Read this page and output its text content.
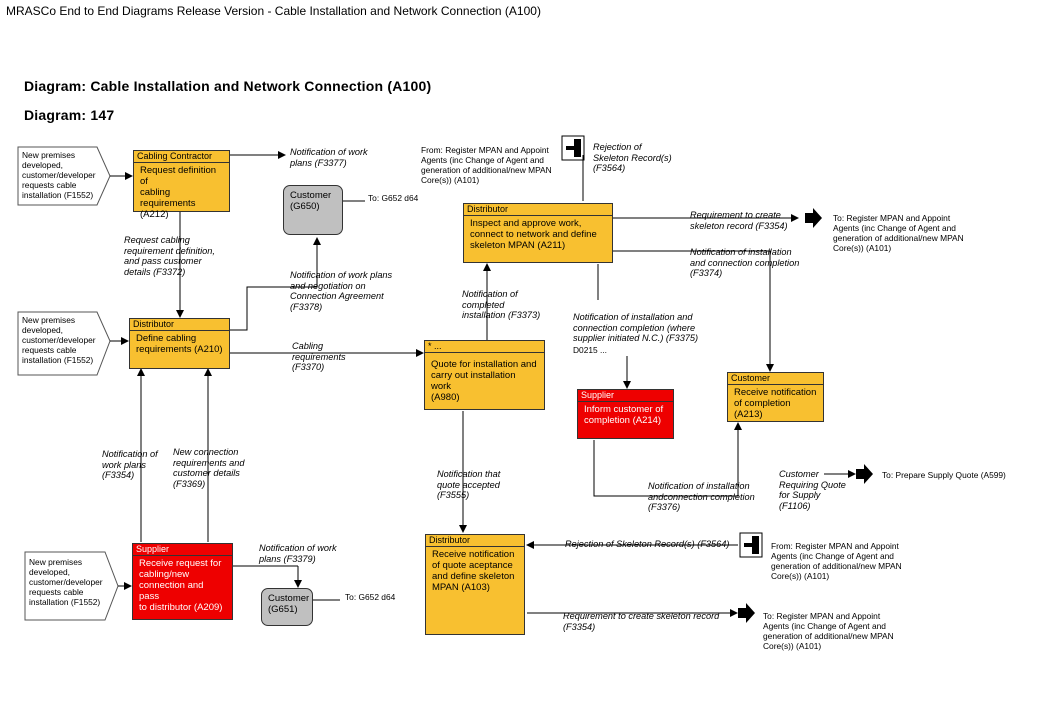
MRASCo End to End Diagrams Release Version - Cable Installation and Network Connection (A100)
Diagram: Cable Installation and Network Connection (A100)
Diagram: 147
New premises
developed,
customer/developer
requests cable
installation (F1552)
New premises
developed,
customer/developer
requests cable
installation (F1552)
New premises
developed,
customer/developer
requests cable
installation (F1552)
Cabling Contractor
Request definition of
cabling requirements
(A212)
Distributor
Define cabling
requirements (A210)
Supplier
Receive request for
cabling/new
connection and pass
to distributor (A209)
Distributor
Inspect and approve work,
connect to network and define
skeleton MPAN (A211)
* ...
Quote for installation and
carry out installation work
(A980)	Supplier
Inform customer of
completion (A214)
Customer
Receive notification
of completion (A213)
Distributor
Receive notification
of quote aceptance
and define skeleton
MPAN (A103)
Customer (G650)
To: G652 d64
Customer
(G651)
To: G652 d64
Notification of work
plans (F3377)
Request cabling
requirement definition,
and pass customer
details (F3372)	Notification of work plans
and negotiation on
Connection Agreement
(F3378)
Cabling
requirements
(F3370)
Notification of
work plans
(F3354)
New connection
requirements and
customer details
(F3369)
Notification of work
plans (F3379)
Notification of
completed
installation (F3373)
Rejection of
Skeleton Record(s)
(F3564)
Requirement to create
skeleton record (F3354)
Notification of installation
and connection completion
(F3374)
Notification of installation and
connection completion (where
supplier initiated N.C.) (F3375)
D0215 ...
Notification that
quote accepted
(F3555)
Notification of installation
andconnection completion
(F3376)
Customer
Requiring Quote
for Supply
(F1106)
Rejection of Skeleton Record(s) (F3564)
Requirement to create skeleton record
(F3354)
From: Register MPAN and Appoint
Agents (inc Change of Agent and
generation of additional/new MPAN
Core(s)) (A101)
To: Register MPAN and Appoint
Agents (inc Change of Agent and
generation of additional/new MPAN
Core(s)) (A101)
To: Prepare Supply Quote (A599)
From: Register MPAN and Appoint
Agents (inc Change of Agent and
generation of additional/new MPAN
Core(s)) (A101)
To: Register MPAN and Appoint
Agents (inc Change of Agent and
generation of additional/new MPAN
Core(s)) (A101)
